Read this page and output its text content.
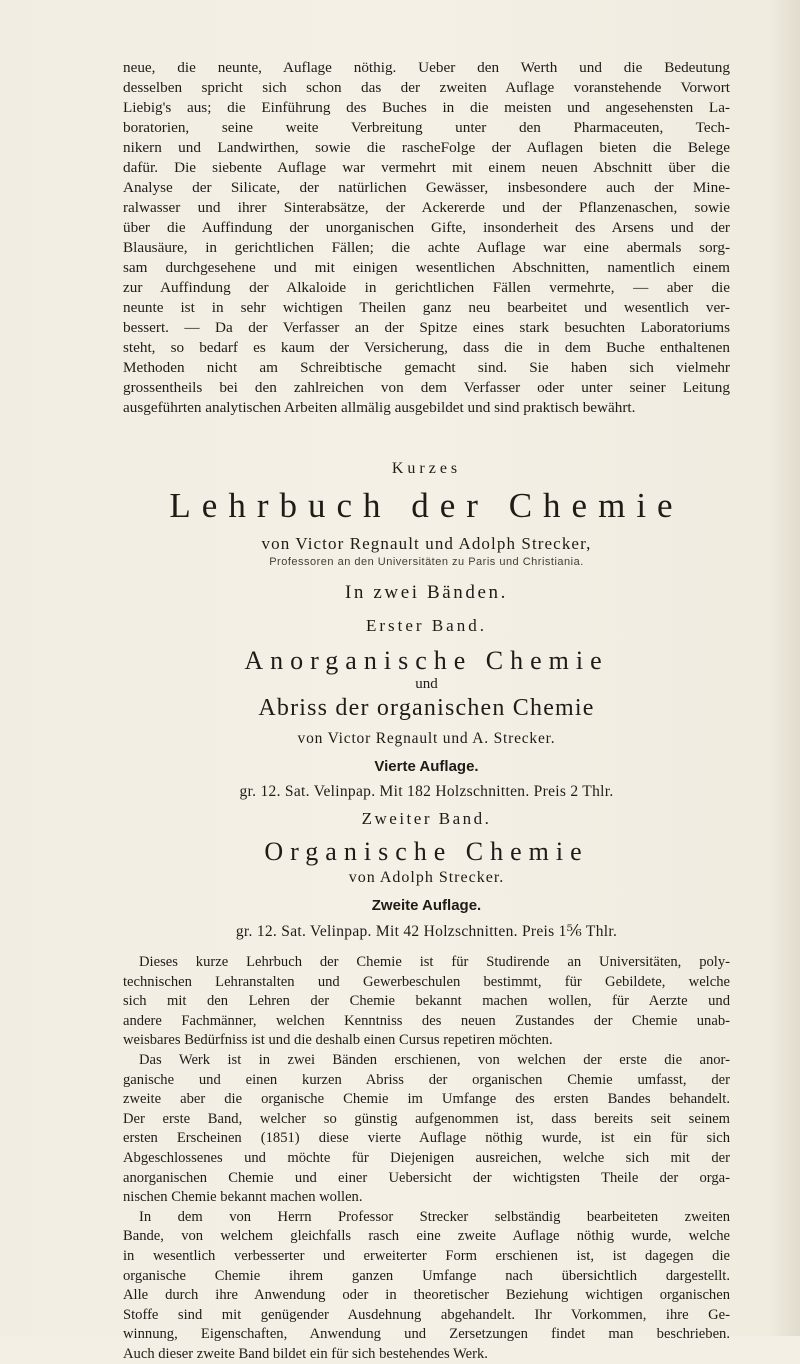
neue, die neunte, Auflage nöthig. Ueber den Werth und die Bedeutung
desselben spricht sich schon das der zweiten Auflage voranstehende Vorwort
Liebig's aus; die Einführung des Buches in die meisten und angesehensten La-
boratorien, seine weite Verbreitung unter den Pharmaceuten, Tech-
nikern und Landwirthen, sowie die rascheFolge der Auflagen bieten die Belege
dafür. Die siebente Auflage war vermehrt mit einem neuen Abschnitt über die
Analyse der Silicate, der natürlichen Gewässer, insbesondere auch der Mine-
ralwasser und ihrer Sinterabsätze, der Ackererde und der Pflanzenaschen, sowie
über die Auffindung der unorganischen Gifte, insonderheit des Arsens und der
Blausäure, in gerichtlichen Fällen; die achte Auflage war eine abermals sorg-
sam durchgesehene und mit einigen wesentlichen Abschnitten, namentlich einem
zur Auffindung der Alkaloide in gerichtlichen Fällen vermehrte, — aber die
neunte ist in sehr wichtigen Theilen ganz neu bearbeitet und wesentlich ver-
bessert. — Da der Verfasser an der Spitze eines stark besuchten Laboratoriums
steht, so bedarf es kaum der Versicherung, dass die in dem Buche enthaltenen
Methoden nicht am Schreibtische gemacht sind. Sie haben sich vielmehr
grossentheils bei den zahlreichen von dem Verfasser oder unter seiner Leitung
ausgeführten analytischen Arbeiten allmälig ausgebildet und sind praktisch bewährt.
Kurzes
Lehrbuch der Chemie
von Victor Regnault und Adolph Strecker,
Professoren an den Universitäten zu Paris und Christiania.
In zwei Bänden.
Erster Band.
Anorganische Chemie
und
Abriss der organischen Chemie
von Victor Regnault und A. Strecker.
Vierte Auflage.
gr. 12. Sat. Velinpap. Mit 182 Holzschnitten. Preis 2 Thlr.
Zweiter Band.
Organische Chemie
von Adolph Strecker.
Zweite Auflage.
gr. 12. Sat. Velinpap. Mit 42 Holzschnitten. Preis 1⅚ Thlr.
Dieses kurze Lehrbuch der Chemie ist für Studirende an Universitäten, poly-
technischen Lehranstalten und Gewerbeschulen bestimmt, für Gebildete, welche
sich mit den Lehren der Chemie bekannt machen wollen, für Aerzte und
andere Fachmänner, welchen Kenntniss des neuen Zustandes der Chemie unab-
weisbares Bedürfniss ist und die deshalb einen Cursus repetiren möchten.
Das Werk ist in zwei Bänden erschienen, von welchen der erste die anor-
ganische und einen kurzen Abriss der organischen Chemie umfasst, der
zweite aber die organische Chemie im Umfange des ersten Bandes behandelt.
Der erste Band, welcher so günstig aufgenommen ist, dass bereits seit seinem
ersten Erscheinen (1851) diese vierte Auflage nöthig wurde, ist ein für sich
Abgeschlossenes und möchte für Diejenigen ausreichen, welche sich mit der
anorganischen Chemie und einer Uebersicht der wichtigsten Theile der orga-
nischen Chemie bekannt machen wollen.
In dem von Herrn Professor Strecker selbständig bearbeiteten zweiten
Bande, von welchem gleichfalls rasch eine zweite Auflage nöthig wurde, welche
in wesentlich verbesserter und erweiterter Form erschienen ist, ist dagegen die
organische Chemie ihrem ganzen Umfange nach übersichtlich dargestellt.
Alle durch ihre Anwendung oder in theoretischer Beziehung wichtigen organischen
Stoffe sind mit genügender Ausdehnung abgehandelt. Ihr Vorkommen, ihre Ge-
winnung, Eigenschaften, Anwendung und Zersetzungen findet man beschrieben.
Auch dieser zweite Band bildet ein für sich bestehendes Werk.
